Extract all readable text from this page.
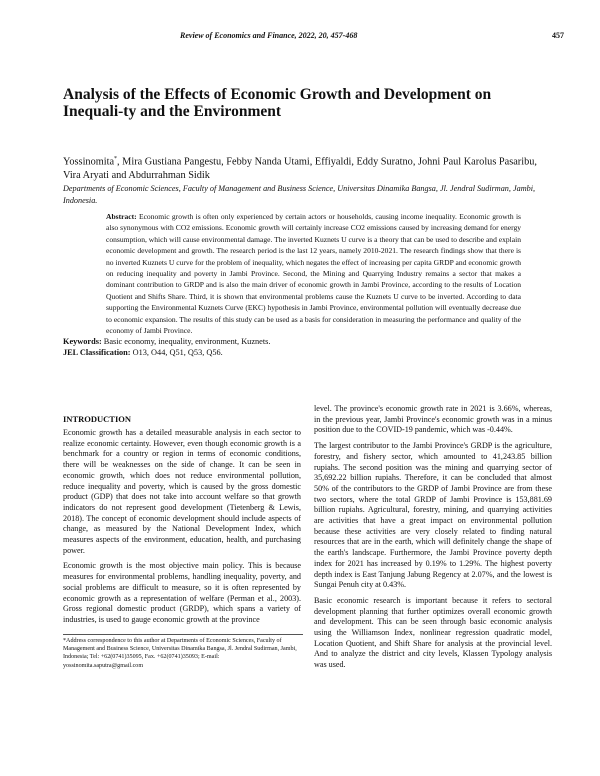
Review of Economics and Finance, 2022, 20, 457-468	457
Analysis of the Effects of Economic Growth and Development on Inequali-ty and the Environment
Yossinomita*, Mira Gustiana Pangestu, Febby Nanda Utami, Effiyaldi, Eddy Suratno, Johni Paul Karolus Pasaribu, Vira Aryati and Abdurrahman Sidik
Departments of Economic Sciences, Faculty of Management and Business Science, Universitas Dinamika Bangsa, Jl. Jendral Sudirman, Jambi, Indonesia.
Abstract: Economic growth is often only experienced by certain actors or households, causing income inequality. Economic growth is also synonymous with CO2 emissions. Economic growth will certainly increase CO2 emissions caused by increasing demand for energy consumption, which will cause environmental damage. The inverted Kuznets U curve is a theory that can be used to describe and explain economic development and growth. The research period is the last 12 years, namely 2010-2021. The research findings show that there is no inverted Kuznets U curve for the problem of inequality, which negates the effect of increasing per capita GRDP and economic growth on reducing inequality and poverty in Jambi Province. Second, the Mining and Quarrying Industry remains a sector that makes a dominant contribution to GRDP and is also the main driver of economic growth in Jambi Province, according to the results of Location Quotient and Shifts Share. Third, it is shown that environmental problems cause the Kuznets U curve to be inverted. According to data supporting the Environmental Kuznets Curve (EKC) hypothesis in Jambi Province, environmental pollution will eventually decrease due to economic expansion. The results of this study can be used as a basis for consideration in measuring the performance and quality of the economy of Jambi Province.
Keywords: Basic economy, inequality, environment, Kuznets.
JEL Classification: O13, O44, Q51, Q53, Q56.
INTRODUCTION

Economic growth has a detailed measurable analysis in each sector to realize economic certainty. However, even though economic growth is a benchmark for a country or region in terms of economic conditions, there will be weaknesses on the side of change. It can be seen in economic growth, which does not reduce environmental pollution, reduce inequality and poverty, which is caused by the gross domestic product (GDP) that does not take into account welfare so that growth indicators do not represent good development (Tietenberg & Lewis, 2018). The concept of economic development should include aspects of change, as measured by the National Development Index, which measures aspects of the environment, education, health, and purchasing power.

Economic growth is the most objective main policy. This is because measures for environmental problems, handling inequality, poverty, and social problems are difficult to measure, so it is often represented by economic growth as a representation of welfare (Perman et al., 2003). Gross regional domestic product (GRDP), which spans a variety of industries, is used to gauge economic growth at the province

level. The province's economic growth rate in 2021 is 3.66%, whereas, in the previous year, Jambi Province's economic growth was in a minus position due to the COVID-19 pandemic, which was -0.44%.

The largest contributor to the Jambi Province's GRDP is the agriculture, forestry, and fishery sector, which amounted to 41,243.85 billion rupiahs. The second position was the mining and quarrying sector of 35,692.22 billion rupiahs. Therefore, it can be concluded that almost 50% of the contributors to the GRDP of Jambi Province are from these two sectors, where the total GRDP of Jambi Province is 153,881.69 billion rupiahs. Agricultural, forestry, mining, and quarrying activities are activities that have a great impact on environmental pollution because these activities are very closely related to finding natural resources that are in the earth, which will definitely change the shape of the earth's landscape. Furthermore, the Jambi Province poverty depth index for 2021 has increased by 0.19% to 1.29%. The highest poverty depth index is East Tanjung Jabung Regency at 2.07%, and the lowest is Sungai Penuh city at 0.43%.

Basic economic research is important because it refers to sectoral development planning that further optimizes overall economic growth and development. This can be seen through basic economic analysis using the Williamson Index, nonlinear regression quadratic model, Location Quotient, and Shift Share for analysis at the provincial level. And to analyze the district and city levels, Klassen Typology analysis was used.

*Address correspondence to this author at Departments of Economic Sciences, Faculty of Management and Business Science, Universitas Dinamika Bangsa, Jl. Jendral Sudirman, Jambi, Indonesia; Tel: +62(0741)35095, Fax. +62(0741)35093; E-mail: yossinomita.saputra@gmail.com
